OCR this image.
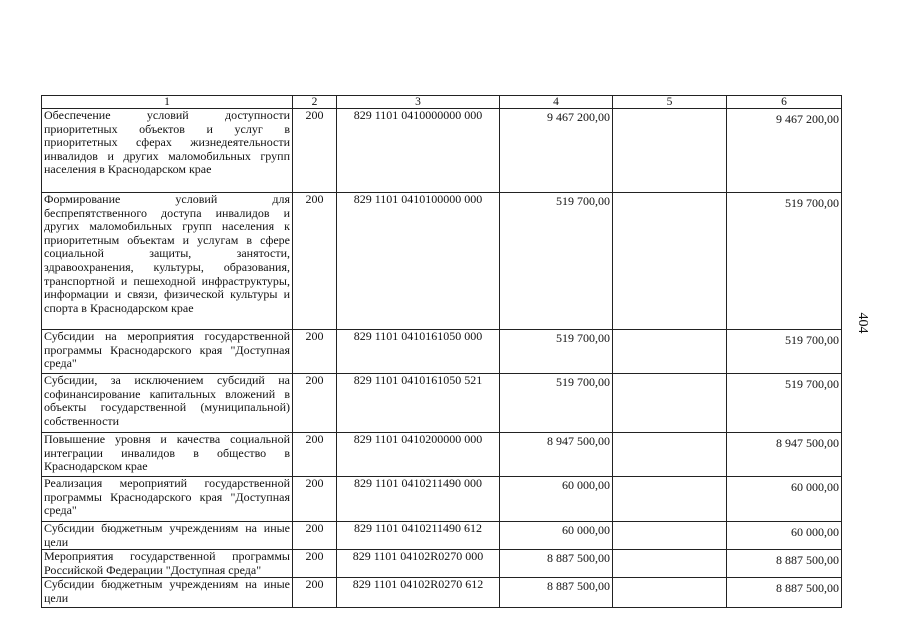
1	2	3	4	5	6
Обеспечение условий доступности приоритетных объектов и услуг в приоритетных сферах жизнедеятельности инвалидов и других маломобильных групп населения в Краснодарском крае	200	829 1101 0410000000 000	9 467 200,00		9 467 200,00
Формирование условий для беспрепятственного доступа инвалидов и других маломобильных групп населения к приоритетным объектам и услугам в сфере социальной защиты, занятости, здравоохранения, культуры, образования, транспортной и пешеходной инфраструктуры, информации и связи, физической культуры и спорта в Краснодарском крае	200	829 1101 0410100000 000	519 700,00		519 700,00
Субсидии на мероприятия государственной программы Краснодарского края "Доступная среда"	200	829 1101 0410161050 000	519 700,00		519 700,00
Субсидии, за исключением субсидий на софинансирование капитальных вложений в объекты государственной (муниципальной) собственности	200	829 1101 0410161050 521	519 700,00		519 700,00
Повышение уровня и качества социальной интеграции инвалидов в общество в Краснодарском крае	200	829 1101 0410200000 000	8 947 500,00		8 947 500,00
Реализация мероприятий государственной программы Краснодарского края "Доступная среда"	200	829 1101 0410211490 000	60 000,00		60 000,00
Субсидии бюджетным учреждениям на иные цели	200	829 1101 0410211490 612	60 000,00		60 000,00
Мероприятия государственной программы Российской Федерации "Доступная среда"	200	829 1101 04102R0270 000	8 887 500,00		8 887 500,00
Субсидии бюджетным учреждениям на иные цели	200	829 1101 04102R0270 612	8 887 500,00		8 887 500,00
404
